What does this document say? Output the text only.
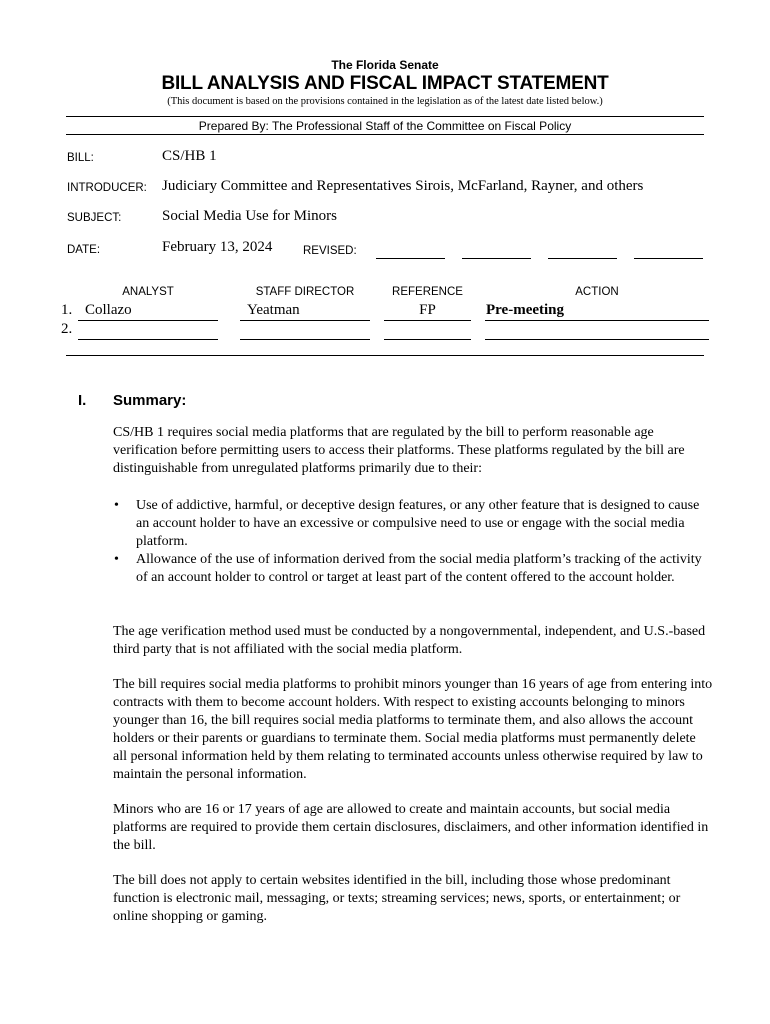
The Florida Senate
BILL ANALYSIS AND FISCAL IMPACT STATEMENT
(This document is based on the provisions contained in the legislation as of the latest date listed below.)
Prepared By: The Professional Staff of the Committee on Fiscal Policy
BILL:	CS/HB 1
INTRODUCER: Judiciary Committee and Representatives Sirois, McFarland, Rayner, and others
SUBJECT:	Social Media Use for Minors
DATE:	February 13, 2024	REVISED:
ANALYST	STAFF DIRECTOR	REFERENCE	ACTION
1. Collazo	Yeatman	FP	Pre-meeting
2.
I. Summary:

CS/HB 1 requires social media platforms that are regulated by the bill to perform reasonable age verification before permitting users to access their platforms. These platforms regulated by the bill are distinguishable from unregulated platforms primarily due to their:

• Use of addictive, harmful, or deceptive design features, or any other feature that is designed to cause an account holder to have an excessive or compulsive need to use or engage with the social media platform.
• Allowance of the use of information derived from the social media platform’s tracking of the activity of an account holder to control or target at least part of the content offered to the account holder.

The age verification method used must be conducted by a nongovernmental, independent, and U.S.-based third party that is not affiliated with the social media platform.

The bill requires social media platforms to prohibit minors younger than 16 years of age from entering into contracts with them to become account holders. With respect to existing accounts belonging to minors younger than 16, the bill requires social media platforms to terminate them, and also allows the account holders or their parents or guardians to terminate them. Social media platforms must permanently delete all personal information held by them relating to terminated accounts unless otherwise required by law to maintain the personal information.

Minors who are 16 or 17 years of age are allowed to create and maintain accounts, but social media platforms are required to provide them certain disclosures, disclaimers, and other information identified in the bill.

The bill does not apply to certain websites identified in the bill, including those whose predominant function is electronic mail, messaging, or texts; streaming services; news, sports, or entertainment; or online shopping or gaming.
